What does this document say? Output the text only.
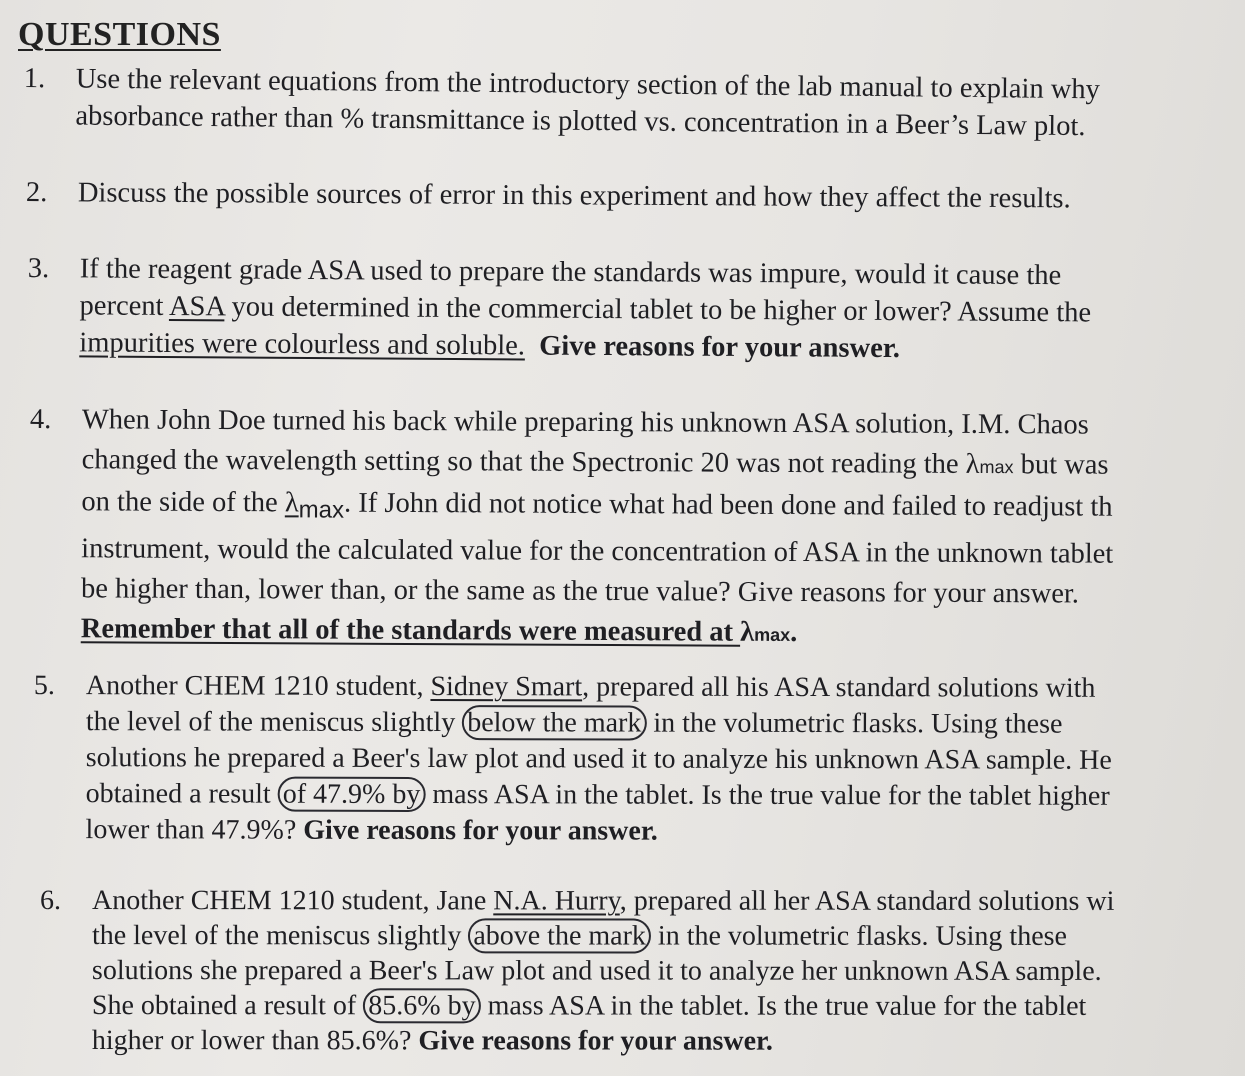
QUESTIONS
1.	Use the relevant equations from the introductory section of the lab manual to explain why
absorbance rather than % transmittance is plotted vs. concentration in a Beer’s Law plot.
2.	Discuss the possible sources of error in this experiment and how they affect the results.
3.	If the reagent grade ASA used to prepare the standards was impure, would it cause the
percent ASA you determined in the commercial tablet to be higher or lower? Assume the
impurities were colourless and soluble. Give reasons for your answer.
4.	When John Doe turned his back while preparing his unknown ASA solution, I.M. Chaos
changed the wavelength setting so that the Spectronic 20 was not reading the λmax but was
on the side of the $\lambda_{max}$. If John did not notice what had been done and failed to readjust th
instrument, would the calculated value for the concentration of ASA in the unknown tablet
be higher than, lower than, or the same as the true value? Give reasons for your answer.
Remember that all of the standards were measured at λmax.
5.	Another CHEM 1210 student, Sidney Smart, prepared all his ASA standard solutions with
the level of the meniscus slightly below the mark in the volumetric flasks. Using these
solutions he prepared a Beer's law plot and used it to analyze his unknown ASA sample. He
obtained a result of 47.9% by mass ASA in the tablet. Is the true value for the tablet higher
lower than 47.9%? Give reasons for your answer.
6.	Another CHEM 1210 student, Jane N.A. Hurry, prepared all her ASA standard solutions wi
the level of the meniscus slightly above the mark in the volumetric flasks. Using these
solutions she prepared a Beer's Law plot and used it to analyze her unknown ASA sample.
She obtained a result of 85.6% by mass ASA in the tablet. Is the true value for the tablet
higher or lower than 85.6%? Give reasons for your answer.
